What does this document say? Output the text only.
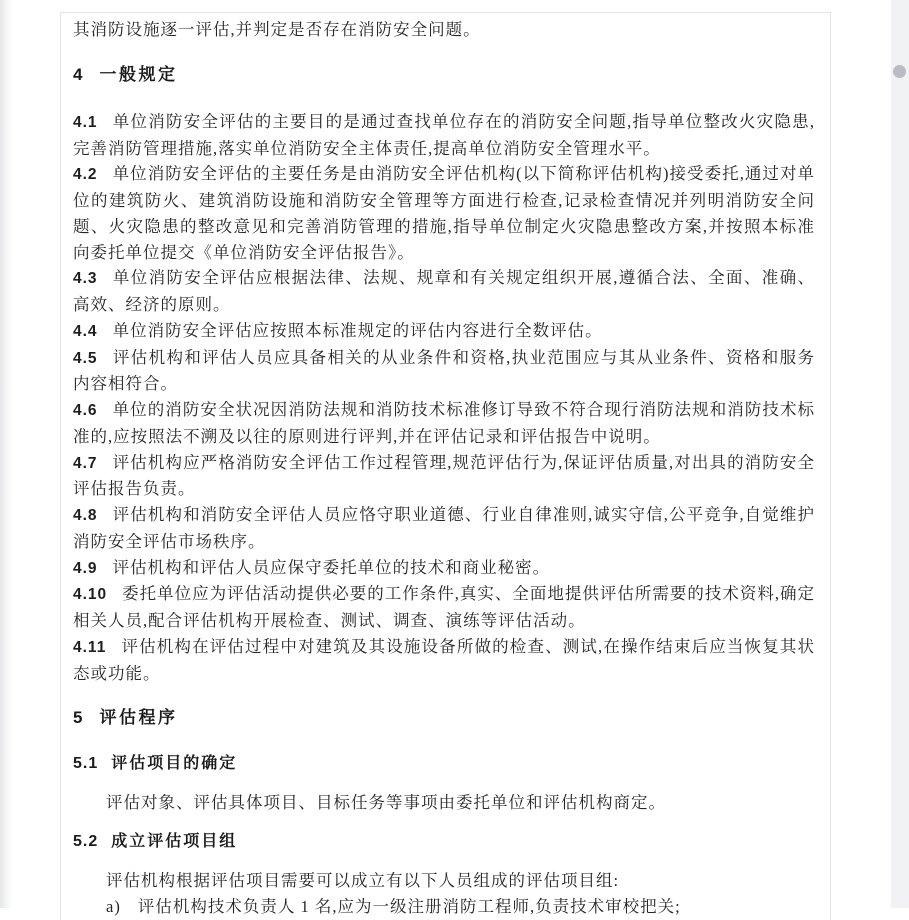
其消防设施逐一评估,并判定是否存在消防安全问题。

4 一般规定

4.1 单位消防安全评估的主要目的是通过查找单位存在的消防安全问题,指导单位整改火灾隐患,完善消防管理措施,落实单位消防安全主体责任,提高单位消防安全管理水平。

4.2 单位消防安全评估的主要任务是由消防安全评估机构(以下简称评估机构)接受委托,通过对单位的建筑防火、建筑消防设施和消防安全管理等方面进行检查,记录检查情况并列明消防安全问题、火灾隐患的整改意见和完善消防管理的措施,指导单位制定火灾隐患整改方案,并按照本标准向委托单位提交《单位消防安全评估报告》。

4.3 单位消防安全评估应根据法律、法规、规章和有关规定组织开展,遵循合法、全面、准确、高效、经济的原则。

4.4 单位消防安全评估应按照本标准规定的评估内容进行全数评估。

4.5 评估机构和评估人员应具备相关的从业条件和资格,执业范围应与其从业条件、资格和服务内容相符合。

4.6 单位的消防安全状况因消防法规和消防技术标准修订导致不符合现行消防法规和消防技术标准的,应按照法不溯及以往的原则进行评判,并在评估记录和评估报告中说明。

4.7 评估机构应严格消防安全评估工作过程管理,规范评估行为,保证评估质量,对出具的消防安全评估报告负责。

4.8 评估机构和消防安全评估人员应恪守职业道德、行业自律准则,诚实守信,公平竞争,自觉维护消防安全评估市场秩序。

4.9 评估机构和评估人员应保守委托单位的技术和商业秘密。

4.10 委托单位应为评估活动提供必要的工作条件,真实、全面地提供评估所需要的技术资料,确定相关人员,配合评估机构开展检查、测试、调查、演练等评估活动。

4.11 评估机构在评估过程中对建筑及其设施设备所做的检查、测试,在操作结束后应当恢复其状态或功能。

5 评估程序
5.1 评估项目的确定

评估对象、评估具体项目、目标任务等事项由委托单位和评估机构商定。

5.2 成立评估项目组

评估机构根据评估项目需要可以成立有以下人员组成的评估项目组:

a) 评估机构技术负责人 1 名,应为一级注册消防工程师,负责技术审校把关;
